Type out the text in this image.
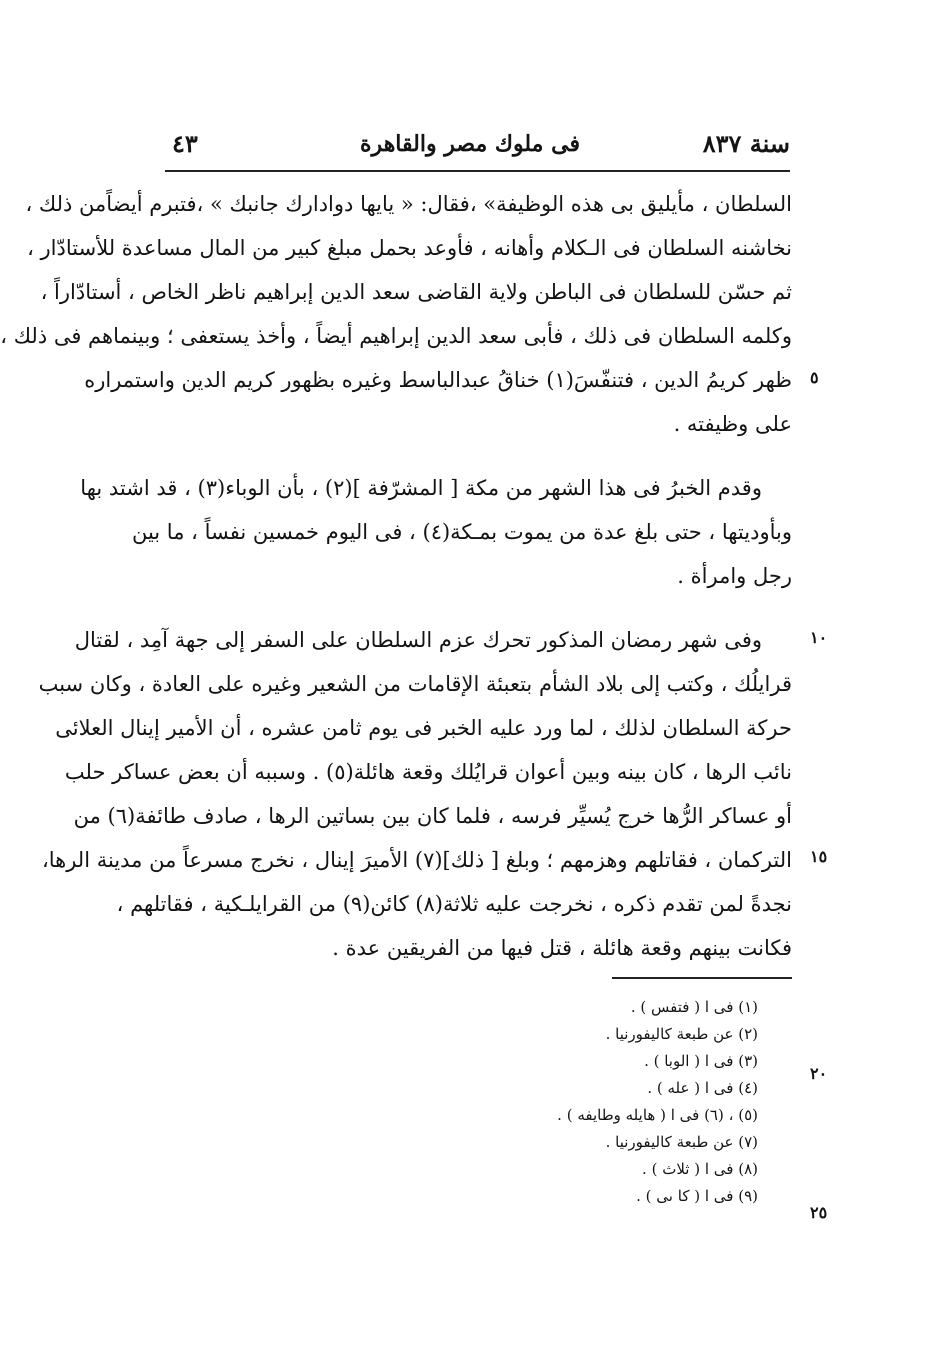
سنة ٨٣٧
فى ملوك مصر والقاهرة
٤٣
السلطان ، مأيليق بى هذه الوظيفة» ،فقال: « يايها دوادارك جانبك » ،فتبرم أيضاًمن ذلك ،
نخاشنه السلطان فى الـكلام وأهانه ، فأوعد بحمل مبلغ كبير من المال مساعدة للأستادّار ،
ثم حسّن للسلطان فى الباطن ولاية القاضى سعد الدين إبراهيم ناظر الخاص ، أستادّاراً ،
وكلمه السلطان فى ذلك ، فأبى سعد الدين إبراهيم أيضاً ، وأخذ يستعفى ؛ وبينماهم فى ذلك ،
ظهر كريمُ الدين ، فتنفّسَ(١) خناقُ عبدالباسط وغيره بظهور كريم الدين واستمراره
على وظيفته .
وقدم الخبرُ فى هذا الشهر من مكة [ المشرّفة ](٢) ، بأن الوباء(٣) ، قد اشتد بها
وبأوديتها ، حتى بلغ عدة من يموت بمـكة(٤) ، فى اليوم خمسين نفساً ، ما بين
رجل وامرأة .
وفى شهر رمضان المذكور تحرك عزم السلطان على السفر إلى جهة آمِد ، لقتال
قرايلُك ، وكتب إلى بلاد الشأم بتعبئة الإقامات من الشعير وغيره على العادة ، وكان سبب
حركة السلطان لذلك ، لما ورد عليه الخبر فى يوم ثامن عشره ، أن الأمير إينال العلائى
نائب الرها ، كان بينه وبين أعوان قرايُلك وقعة هائلة(٥) . وسببه أن بعض عساكر حلب
أو عساكر الرُّها خرج يُسيِّر فرسه ، فلما كان بين بساتين الرها ، صادف طائفة(٦) من
التركمان ، فقاتلهم وهزمهم ؛ وبلغ [ ذلك](٧) الأميرَ إينال ، نخرج مسرعاً من مدينة الرها،
نجدةً لمن تقدم ذكره ، نخرجت عليه ثلاثة(٨) كائن(٩) من القرايلـكية ، فقاتلهم ،
فكانت بينهم وقعة هائلة ، قتل فيها من الفريقين عدة .
٥
١٠
١٥
٢٠
٢٥
(١) فى ا ( فتفس ) .
(٢) عن طبعة كاليفورنيا .
(٣) فى ا ( الوبا ) .
(٤) فى ا ( عله ) .
(٥) ، (٦) فى ا ( هايله وطايفه ) .
(٧) عن طبعة كاليفورنيا .
(٨) فى ا ( ثلاث ) .
(٩) فى ا ( كا ىى ) .
